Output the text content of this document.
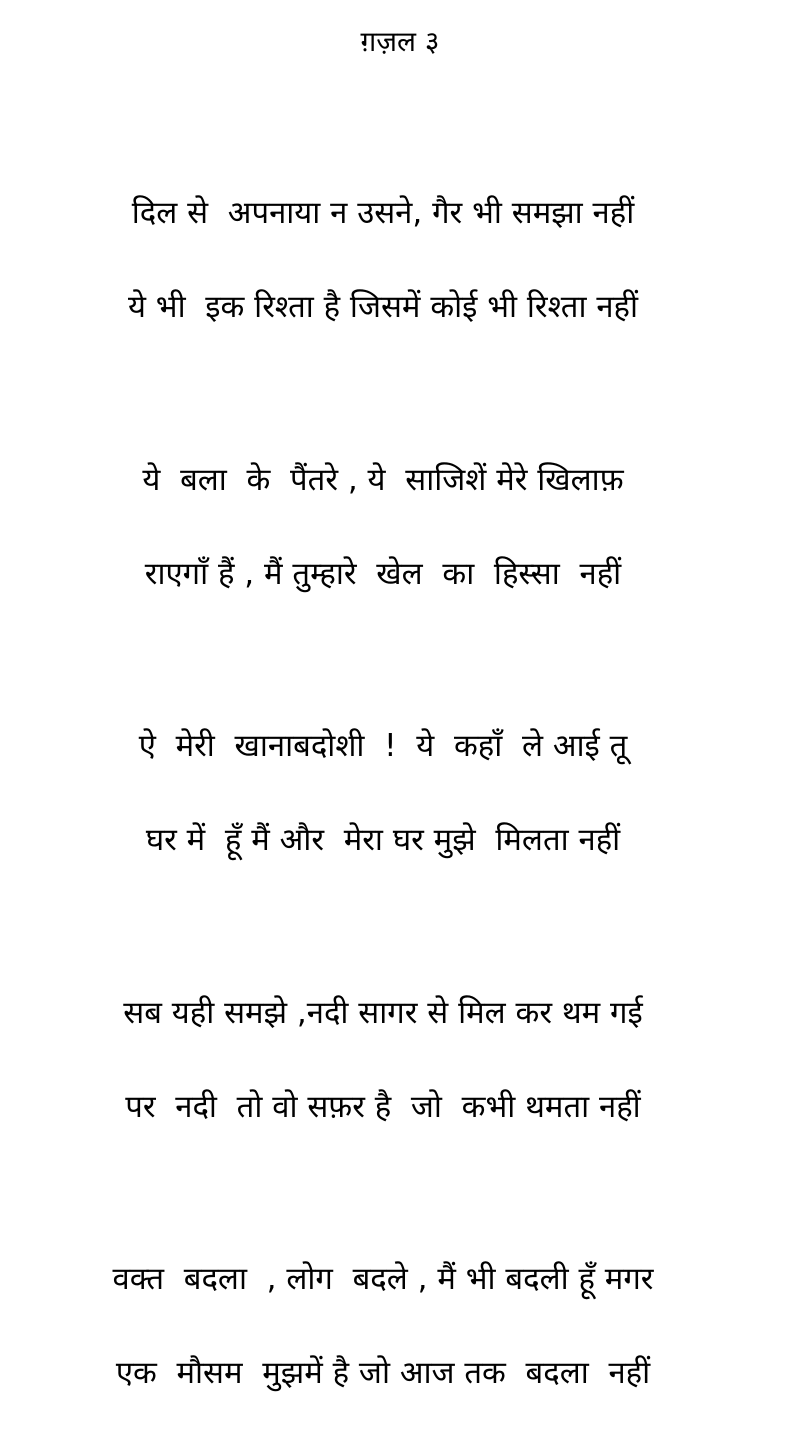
ग़ज़ल ३
दिल से  अपनाया न उसने, गैर भी समझा नहीं
ये भी  इक रिश्ता है जिसमें कोई भी रिश्ता नहीं
ये  बला  के  पैंतरे , ये  साजिशें मेरे खिलाफ़
राएगाँ हैं , मैं तुम्हारे  खेल  का  हिस्सा  नहीं
ऐ  मेरी  खानाबदोशी  !  ये  कहाँ  ले आई तू
घर में  हूँ मैं और  मेरा घर मुझे  मिलता नहीं
सब यही समझे ,नदी सागर से मिल कर थम गई
पर  नदी  तो वो सफ़र है  जो  कभी थमता नहीं
वक्त  बदला  , लोग  बदले , मैं भी बदली हूँ मगर
एक  मौसम  मुझमें है जो आज तक  बदला  नहीं
